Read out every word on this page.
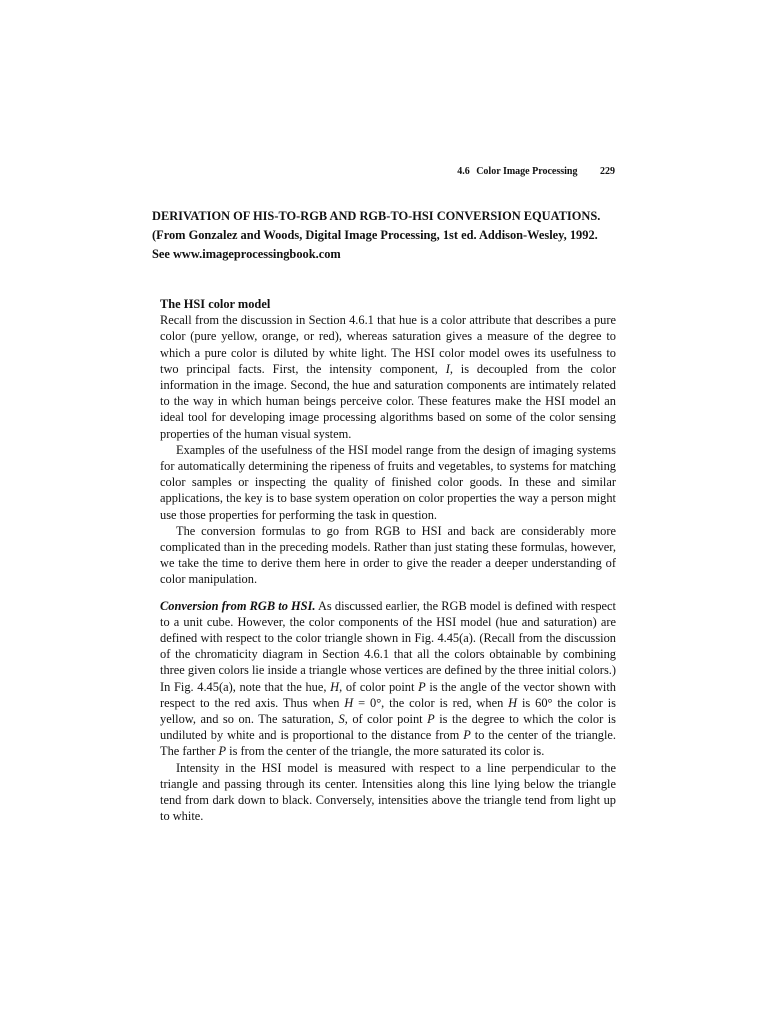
4.6 Color Image Processing 229
DERIVATION OF HIS-TO-RGB AND RGB-TO-HSI CONVERSION EQUATIONS.
(From Gonzalez and Woods, Digital Image Processing, 1st ed. Addison-Wesley, 1992.
See www.imageprocessingbook.com
The HSI color model

Recall from the discussion in Section 4.6.1 that hue is a color attribute that describes a pure color (pure yellow, orange, or red), whereas saturation gives a measure of the degree to which a pure color is diluted by white light. The HSI color model owes its usefulness to two principal facts. First, the intensity component, I, is decoupled from the color information in the image. Second, the hue and saturation components are intimately related to the way in which human beings perceive color. These features make the HSI model an ideal tool for developing image processing algorithms based on some of the color sensing properties of the human visual system.

Examples of the usefulness of the HSI model range from the design of imaging systems for automatically determining the ripeness of fruits and vegetables, to systems for matching color samples or inspecting the quality of finished color goods. In these and similar applications, the key is to base system operation on color properties the way a person might use those properties for performing the task in question.

The conversion formulas to go from RGB to HSI and back are considerably more complicated than in the preceding models. Rather than just stating these formulas, however, we take the time to derive them here in order to give the reader a deeper understanding of color manipulation.

Conversion from RGB to HSI. As discussed earlier, the RGB model is defined with respect to a unit cube. However, the color components of the HSI model (hue and saturation) are defined with respect to the color triangle shown in Fig. 4.45(a). (Recall from the discussion of the chromaticity diagram in Section 4.6.1 that all the colors obtainable by combining three given colors lie inside a triangle whose vertices are defined by the three initial colors.) In Fig. 4.45(a), note that the hue, H, of color point P is the angle of the vector shown with respect to the red axis. Thus when H = 0°, the color is red, when H is 60° the color is yellow, and so on. The saturation, S, of color point P is the degree to which the color is undiluted by white and is proportional to the distance from P to the center of the triangle. The farther P is from the center of the triangle, the more saturated its color is.

Intensity in the HSI model is measured with respect to a line perpendicular to the triangle and passing through its center. Intensities along this line lying below the triangle tend from dark down to black. Conversely, intensities above the triangle tend from light up to white.
